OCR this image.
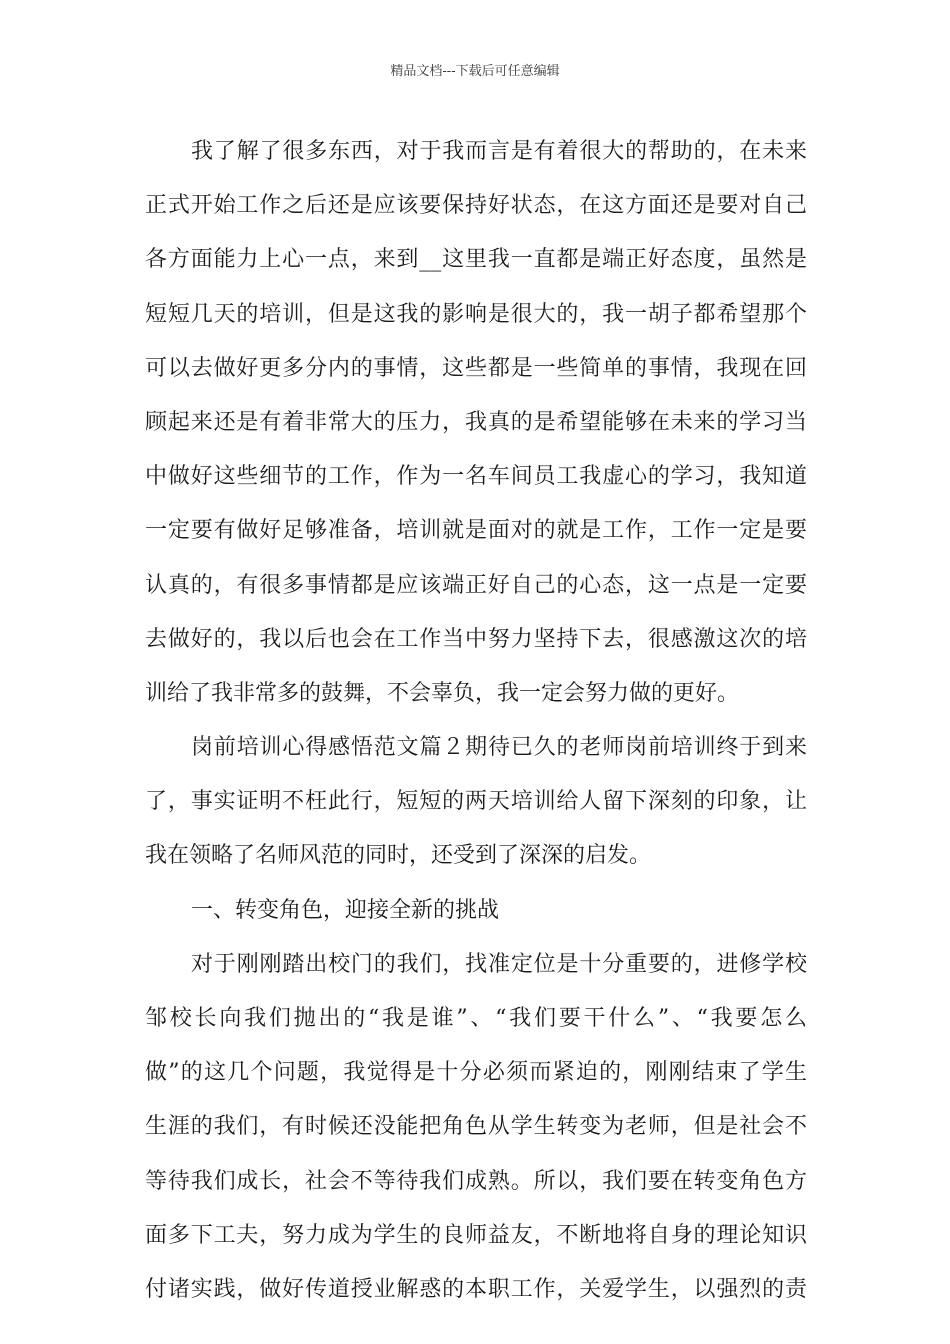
精品文档---下载后可任意编辑
我了解了很多东西，对于我而言是有着很大的帮助的，在未来
正式开始工作之后还是应该要保持好状态，在这方面还是要对自己
各方面能力上心一点，来到__这里我一直都是端正好态度，虽然是
短短几天的培训，但是这我的影响是很大的，我一胡子都希望那个
可以去做好更多分内的事情，这些都是一些简单的事情，我现在回
顾起来还是有着非常大的压力，我真的是希望能够在未来的学习当
中做好这些细节的工作，作为一名车间员工我虚心的学习，我知道
一定要有做好足够准备，培训就是面对的就是工作，工作一定是要
认真的，有很多事情都是应该端正好自己的心态，这一点是一定要
去做好的，我以后也会在工作当中努力坚持下去，很感激这次的培
训给了我非常多的鼓舞，不会辜负，我一定会努力做的更好。
岗前培训心得感悟范文篇２期待已久的老师岗前培训终于到来
了，事实证明不枉此行，短短的两天培训给人留下深刻的印象，让
我在领略了名师风范的同时，还受到了深深的启发。
一、转变角色，迎接全新的挑战
对于刚刚踏出校门的我们，找准定位是十分重要的，进修学校
邹校长向我们抛出的“我是谁”、“我们要干什么”、“我要怎么
做”的这几个问题，我觉得是十分必须而紧迫的，刚刚结束了学生
生涯的我们，有时候还没能把角色从学生转变为老师，但是社会不
等待我们成长，社会不等待我们成熟。所以，我们要在转变角色方
面多下工夫，努力成为学生的良师益友，不断地将自身的理论知识
付诸实践，做好传道授业解惑的本职工作，关爱学生，以强烈的责
